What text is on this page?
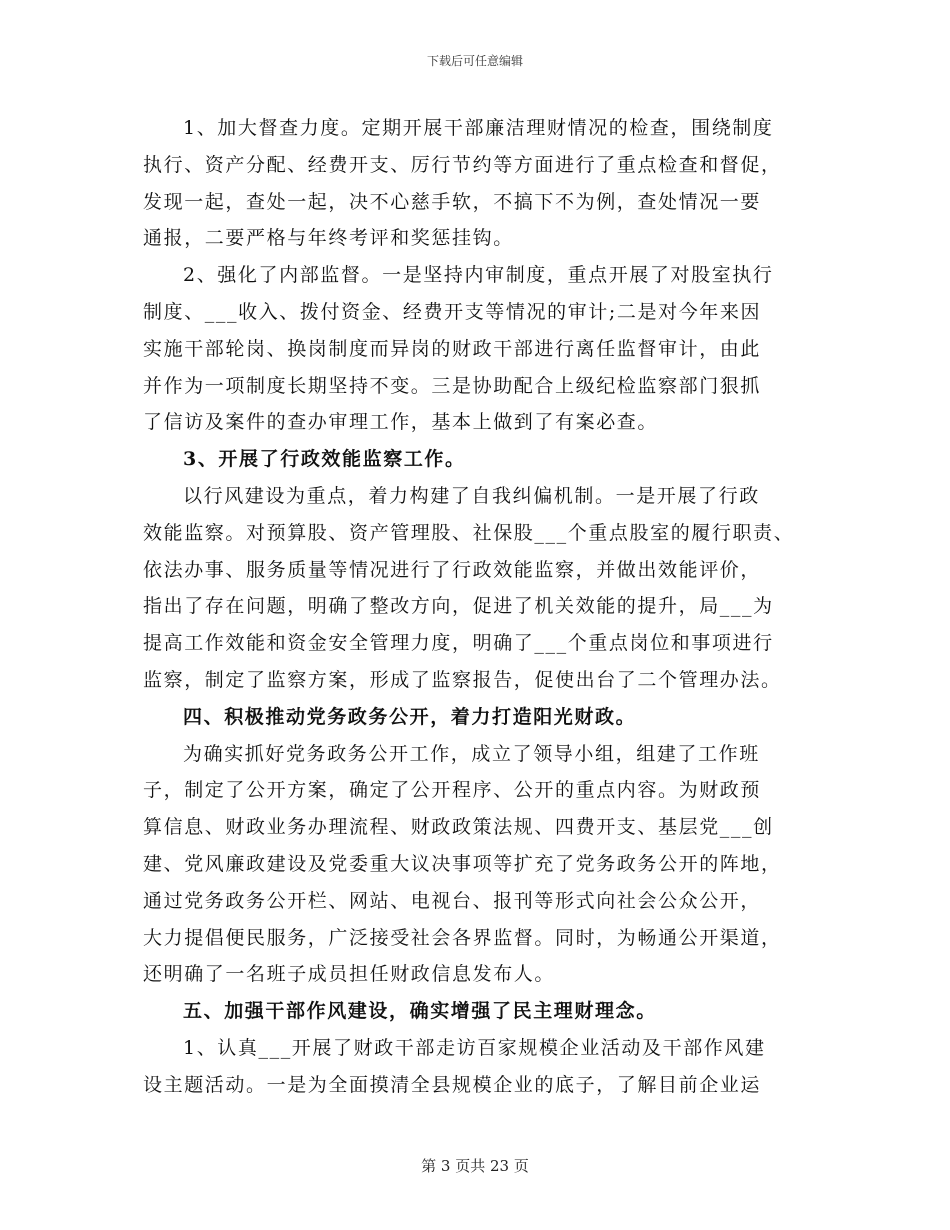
下载后可任意编辑
1、加大督查力度。定期开展干部廉洁理财情况的检查，围绕制度
执行、资产分配、经费开支、厉行节约等方面进行了重点检查和督促，
发现一起，查处一起，决不心慈手软，不搞下不为例，查处情况一要
通报，二要严格与年终考评和奖惩挂钩。
2、强化了内部监督。一是坚持内审制度，重点开展了对股室执行
制度、___收入、拨付资金、经费开支等情况的审计;二是对今年来因
实施干部轮岗、换岗制度而异岗的财政干部进行离任监督审计，由此
并作为一项制度长期坚持不变。三是协助配合上级纪检监察部门狠抓
了信访及案件的查办审理工作，基本上做到了有案必查。
3、开展了行政效能监察工作。
以行风建设为重点，着力构建了自我纠偏机制。一是开展了行政
效能监察。对预算股、资产管理股、社保股___个重点股室的履行职责、
依法办事、服务质量等情况进行了行政效能监察，并做出效能评价，
指出了存在问题，明确了整改方向，促进了机关效能的提升，局___为
提高工作效能和资金安全管理力度，明确了___个重点岗位和事项进行
监察，制定了监察方案，形成了监察报告，促使出台了二个管理办法。
四、积极推动党务政务公开，着力打造阳光财政。
为确实抓好党务政务公开工作，成立了领导小组，组建了工作班
子，制定了公开方案，确定了公开程序、公开的重点内容。为财政预
算信息、财政业务办理流程、财政政策法规、四费开支、基层党___创
建、党风廉政建设及党委重大议决事项等扩充了党务政务公开的阵地，
通过党务政务公开栏、网站、电视台、报刊等形式向社会公众公开，
大力提倡便民服务，广泛接受社会各界监督。同时，为畅通公开渠道，
还明确了一名班子成员担任财政信息发布人。
五、加强干部作风建设，确实增强了民主理财理念。
1、认真___开展了财政干部走访百家规模企业活动及干部作风建
设主题活动。一是为全面摸清全县规模企业的底子，了解目前企业运
第 3 页共 23 页
